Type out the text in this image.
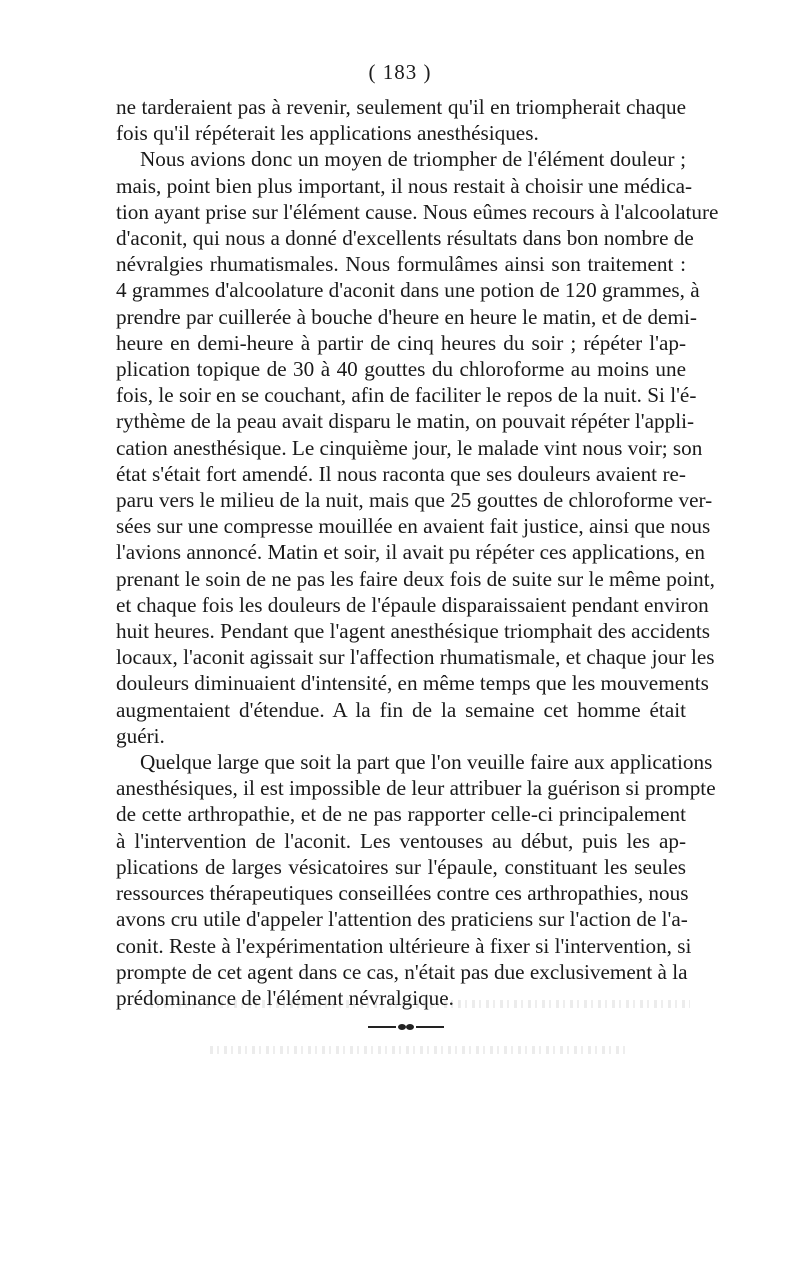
( 183 )
ne tarderaient pas à revenir, seulement qu'il en triompherait chaque
fois qu'il répéterait les applications anesthésiques.
Nous avions donc un moyen de triompher de l'élément douleur ;
mais, point bien plus important, il nous restait à choisir une médica-
tion ayant prise sur l'élément cause. Nous eûmes recours à l'alcoolature
d'aconit, qui nous a donné d'excellents résultats dans bon nombre de
névralgies rhumatismales. Nous formulâmes ainsi son traitement :
4 grammes d'alcoolature d'aconit dans une potion de 120 grammes, à
prendre par cuillerée à bouche d'heure en heure le matin, et de demi-
heure en demi-heure à partir de cinq heures du soir ; répéter l'ap-
plication topique de 30 à 40 gouttes du chloroforme au moins une
fois, le soir en se couchant, afin de faciliter le repos de la nuit. Si l'é-
rythème de la peau avait disparu le matin, on pouvait répéter l'appli-
cation anesthésique. Le cinquième jour, le malade vint nous voir; son
état s'était fort amendé. Il nous raconta que ses douleurs avaient re-
paru vers le milieu de la nuit, mais que 25 gouttes de chloroforme ver-
sées sur une compresse mouillée en avaient fait justice, ainsi que nous
l'avions annoncé. Matin et soir, il avait pu répéter ces applications, en
prenant le soin de ne pas les faire deux fois de suite sur le même point,
et chaque fois les douleurs de l'épaule disparaissaient pendant environ
huit heures. Pendant que l'agent anesthésique triomphait des accidents
locaux, l'aconit agissait sur l'affection rhumatismale, et chaque jour les
douleurs diminuaient d'intensité, en même temps que les mouvements
augmentaient d'étendue. A la fin de la semaine cet homme était
guéri.
Quelque large que soit la part que l'on veuille faire aux applications
anesthésiques, il est impossible de leur attribuer la guérison si prompte
de cette arthropathie, et de ne pas rapporter celle-ci principalement
à l'intervention de l'aconit. Les ventouses au début, puis les ap-
plications de larges vésicatoires sur l'épaule, constituant les seules
ressources thérapeutiques conseillées contre ces arthropathies, nous
avons cru utile d'appeler l'attention des praticiens sur l'action de l'a-
conit. Reste à l'expérimentation ultérieure à fixer si l'intervention, si
prompte de cet agent dans ce cas, n'était pas due exclusivement à la
prédominance de l'élément névralgique.
